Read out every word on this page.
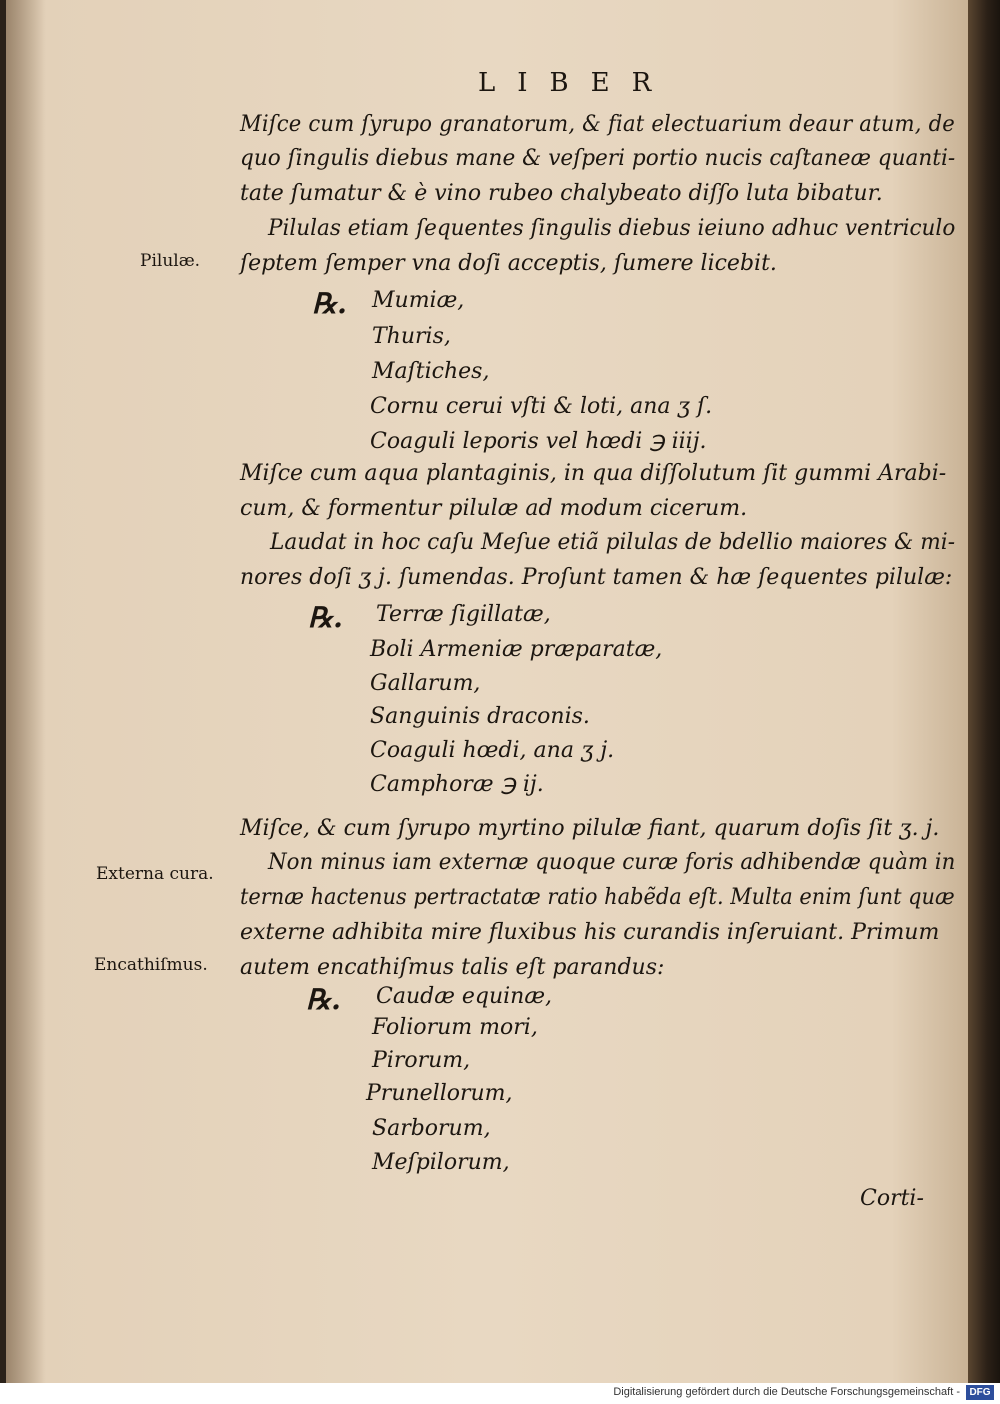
LIBER
Miſce cum ſyrupo granatorum, & fiat electuarium deaur atum, de
quo ſingulis diebus mane & veſperi portio nucis caſtaneæ quanti-
tate ſumatur & è vino rubeo chalybeato diſſo luta bibatur.
Pilulas etiam ſequentes ſingulis diebus ieiuno adhuc ventriculo
Pilulæ. ſeptem ſemper vna doſi acceptis, ſumere licebit.
℞. Mumiæ,
Thuris,
Maſtiches,
Cornu cerui vſti & loti, ana ʒ ſ.
Coaguli leporis vel hœdi ℈ iiij.
Miſce cum aqua plantaginis, in qua diſſolutum ſit gummi Arabi-
cum, & formentur pilulæ ad modum cicerum.
Laudat in hoc caſu Meſue etiã pilulas de bdellio maiores & mi-
nores doſi ʒ j. ſumendas. Proſunt tamen & hæ ſequentes pilulæ:
℞. Terræ ſigillatæ,
Boli Armeniæ præparatæ,
Gallarum,
Sanguinis draconis.
Coaguli hœdi, ana ʒ j.
Camphoræ ℈ ij.
Miſce, & cum ſyrupo myrtino pilulæ fiant, quarum doſis ſit ʒ. j.
Externa cura. Non minus iam externæ quoque curæ foris adhibendæ quàm in
ternæ hactenus pertractatæ ratio habẽda eſt. Multa enim ſunt quæ
externe adhibita mire fluxibus his curandis inſeruiant. Primum
Encathiſmus. autem encathiſmus talis eſt parandus:
℞. Caudæ equinæ,
Foliorum mori,
Pirorum,
Prunellorum,
Sarborum,
Meſpilorum,
Corti-
Digitalisierung gefördert durch die Deutsche Forschungsgemeinschaft - DFG
